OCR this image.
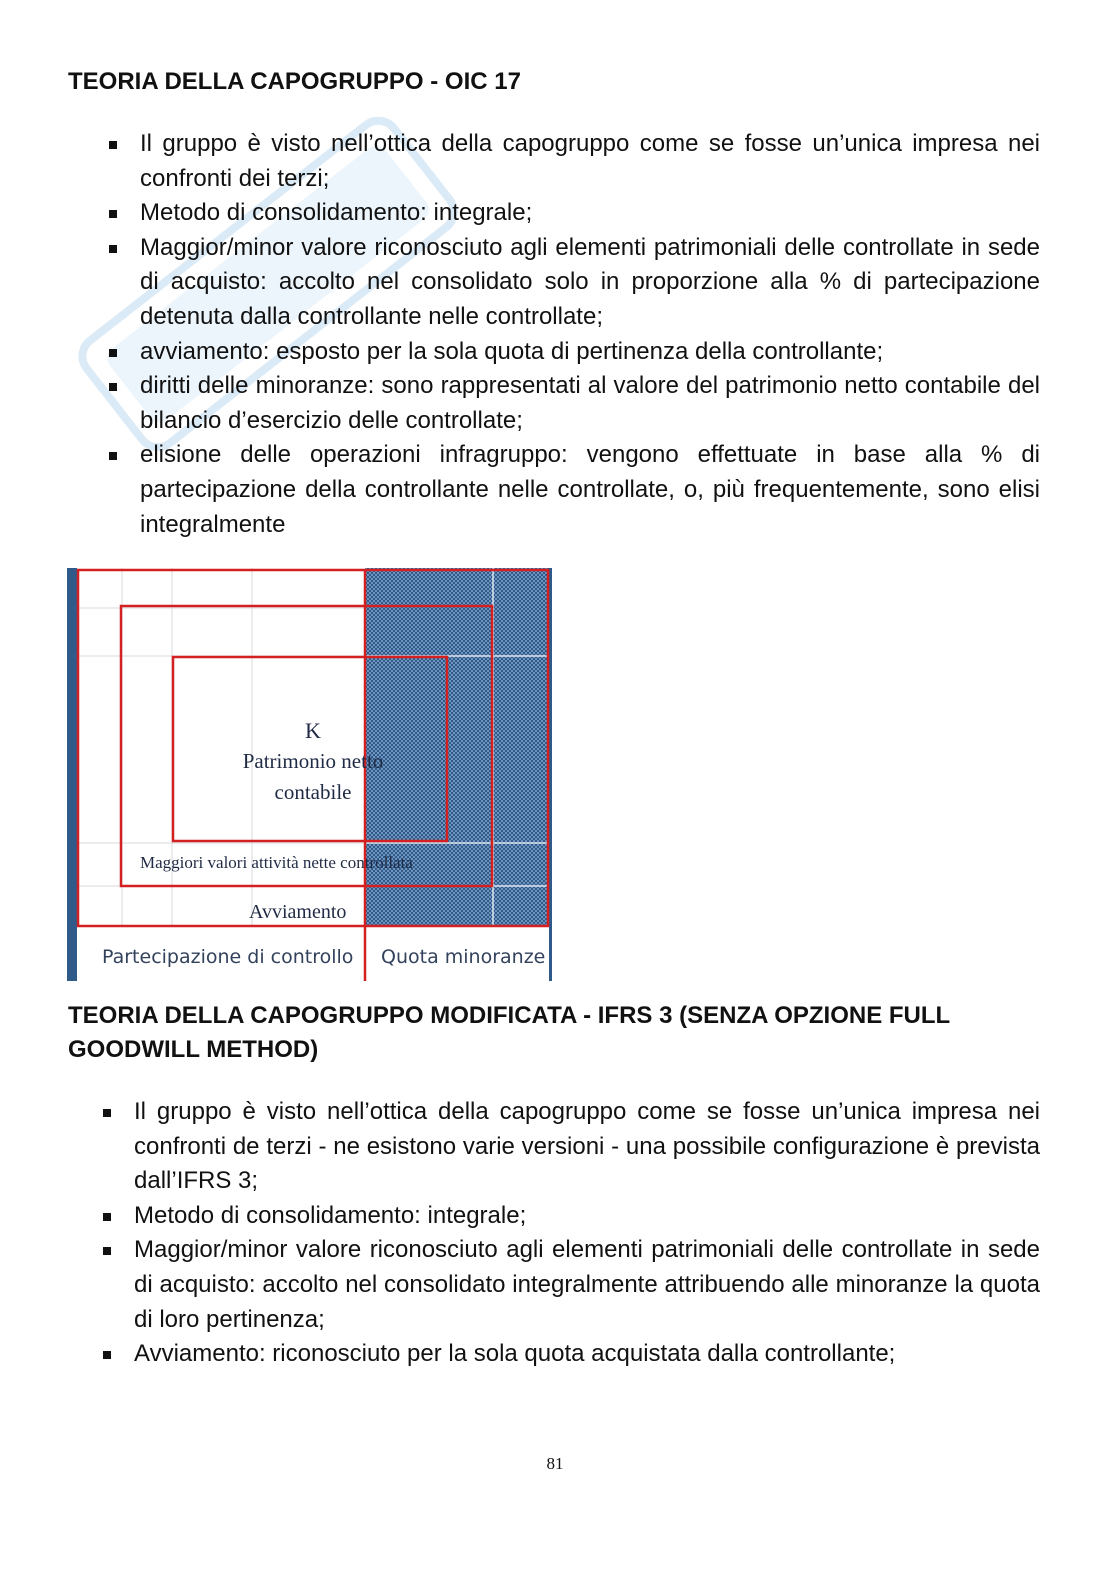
TEORIA DELLA CAPOGRUPPO - OIC 17
Il gruppo è visto nell’ottica della capogruppo come se fosse un’unica impresa nei confronti dei terzi;
Metodo di consolidamento: integrale;
Maggior/minor valore riconosciuto agli elementi patrimoniali delle controllate in sede di acquisto: accolto nel consolidato solo in proporzione alla % di partecipazione detenuta dalla controllante nelle controllate;
avviamento: esposto per la sola quota di pertinenza della controllante;
diritti delle minoranze: sono rappresentati al valore del patrimonio netto contabile del bilancio d’esercizio delle controllate;
elisione delle operazioni infragruppo: vengono effettuate in base alla % di partecipazione della controllante nelle controllate, o, più frequentemente, sono elisi integralmente
K
Patrimonio netto
contabile
Maggiori valori attività nette controllata
Avviamento
Partecipazione di controllo Quota minoranze
TEORIA DELLA CAPOGRUPPO MODIFICATA - IFRS 3 (SENZA OPZIONE FULL GOODWILL METHOD)
Il gruppo è visto nell’ottica della capogruppo come se fosse un’unica impresa nei confronti de terzi - ne esistono varie versioni - una possibile configurazione è prevista dall’IFRS 3;
Metodo di consolidamento: integrale;
Maggior/minor valore riconosciuto agli elementi patrimoniali delle controllate in sede di acquisto: accolto nel consolidato integralmente attribuendo alle minoranze la quota di loro pertinenza;
Avviamento: riconosciuto per la sola quota acquistata dalla controllante;
81
